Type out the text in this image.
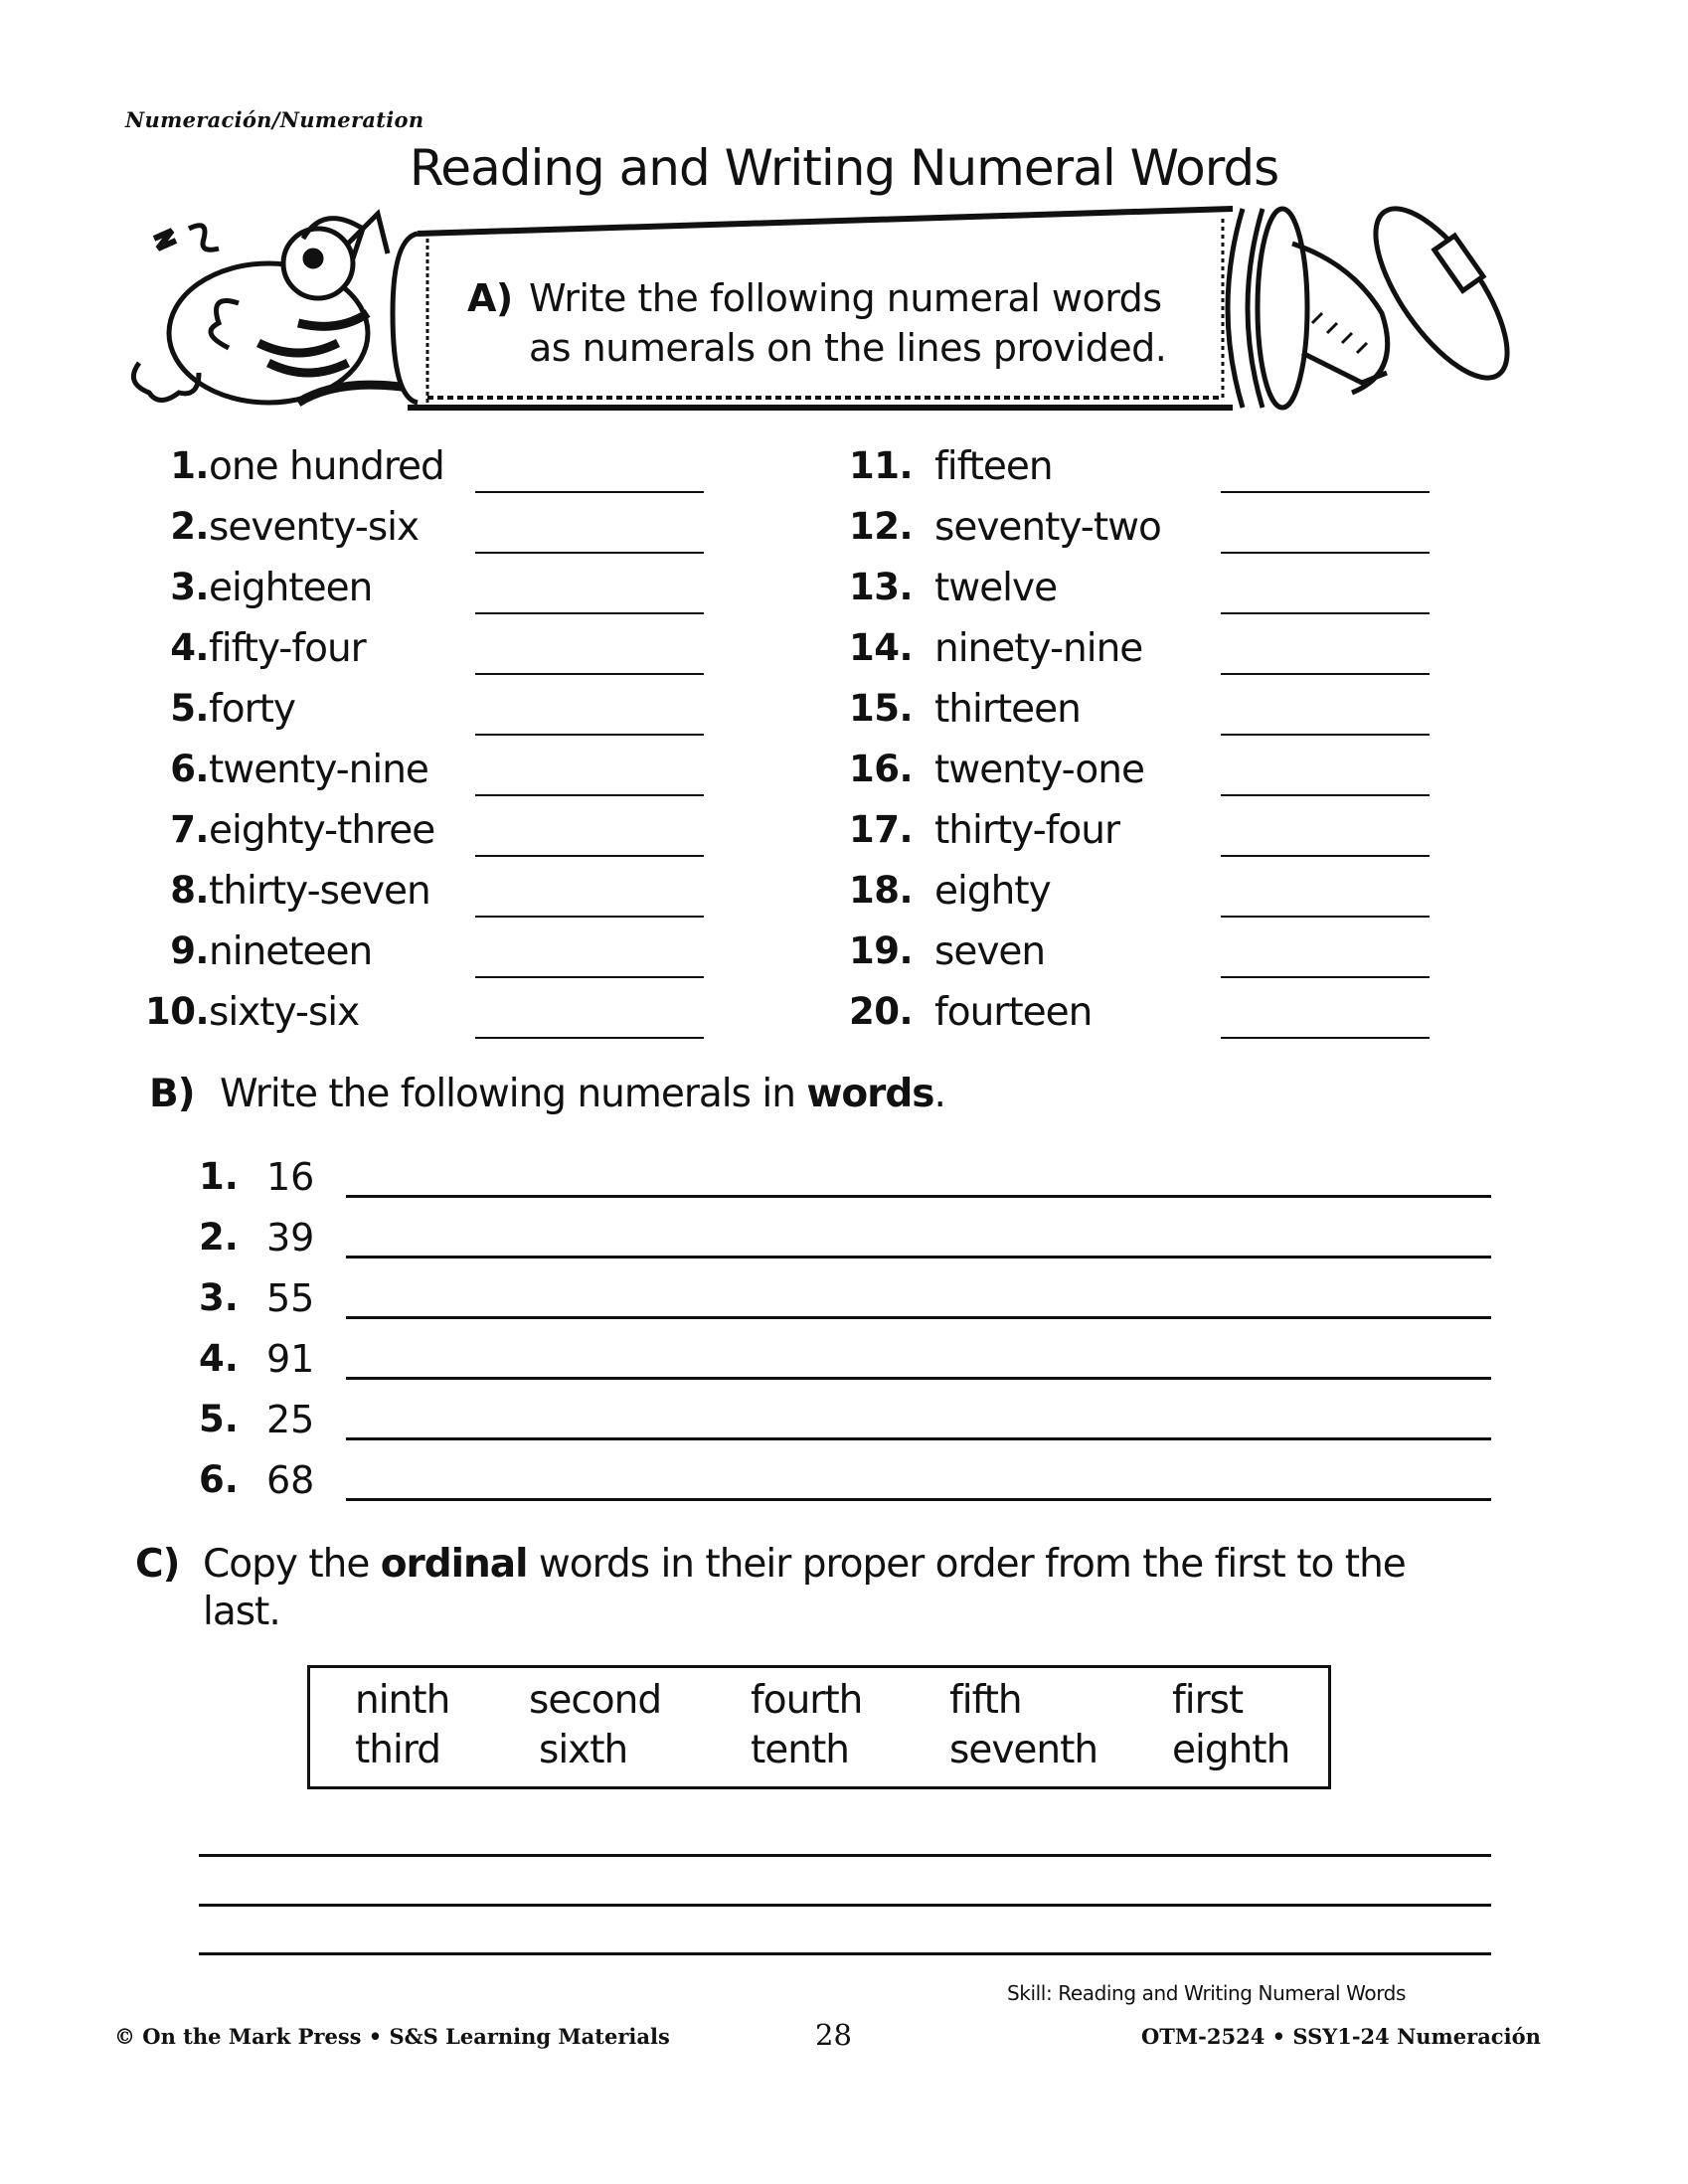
Numeración/Numeration
Reading and Writing Numeral Words
A) Write the following numeral words
as numerals on the lines provided.
1. one hundred
2. seventy-six
3. eighteen
4. fifty-four
5. forty
6. twenty-nine
7. eighty-three
8. thirty-seven
9. nineteen
10. sixty-six
11. fifteen
12. seventy-two
13. twelve
14. ninety-nine
15. thirteen
16. twenty-one
17. thirty-four
18. eighty
19. seven
20. fourteen
B) Write the following numerals in words.
1. 16
2. 39
3. 55
4. 91
5. 25
6. 68
C) Copy the ordinal words in their proper order from the first to the last.
ninth second fourth fifth	first
third	sixth	tenth	seventh eighth
Skill: Reading and Writing Numeral Words
© On the Mark Press • S&S Learning Materials	28	OTM-2524 • SSY1-24 Numeración
